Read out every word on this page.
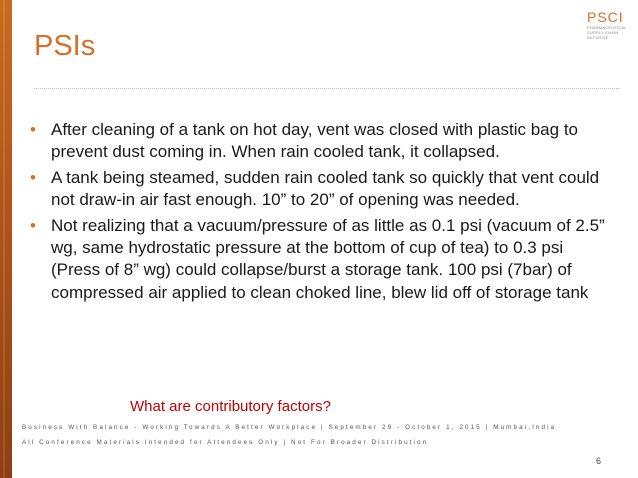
PSIs
PSCI
PHARMACEUTICAL
SUPPLY CHAIN
INITIATIVE
• After cleaning of a tank on hot day, vent was closed with plastic bag to prevent dust coming in. When rain cooled tank, it collapsed.
• A tank being steamed, sudden rain cooled tank so quickly that vent could not draw-in air fast enough. 10” to 20” of opening was needed.
• Not realizing that a vacuum/pressure of as little as 0.1 psi (vacuum of 2.5” wg, same hydrostatic pressure at the bottom of cup of tea) to 0.3 psi (Press of 8” wg) could collapse/burst a storage tank. 100 psi (7bar) of compressed air applied to clean choked line, blew lid off of storage tank
What are contributory factors?
Business With Balance - Working Towards A Better Workplace | September 29 - October 1, 2015 | Mumbai,India
All Conference Materials Intended for Attendees Only | Not For Broader Distribution
6
